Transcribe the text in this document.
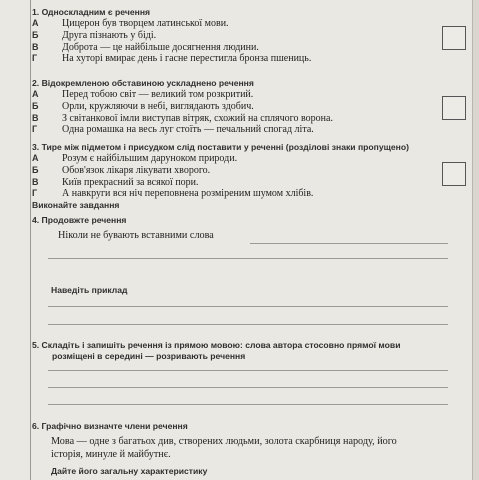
1. Односкладним є речення
А	Цицерон був творцем латинської мови.
Б	Друга пізнають у біді.
В	Доброта — це найбільше досягнення людини.
Г	На хуторі вмирає день і гасне перестигла бронза пшениць.
2. Відокремленою обставиною ускладнено речення
А	Перед тобою світ — великий том розкритий.
Б	Орли, кружляючи в небі, виглядають здобич.
В	З світанкової імли виступав вітряк, схожий на сплячого ворона.
Г	Одна ромашка на весь луг стоїть — печальний спогад літа.
3. Тире між підметом і присудком слід поставити у реченні (розділові знаки пропущено)
А	Розум є найбільшим даруноком природи.
Б	Обов'язок лікаря лікувати хворого.
В	Київ прекрасний за всякої пори.
Г	А навкруги вся ніч переповнена розміреним шумом хлібів.
Виконайте завдання
4. Продовжте речення
Ніколи не бувають вставними слова
Наведіть приклад
5. Складіть і запишіть речення із прямою мовою: слова автора стосовно прямої мови
розміщені в середині — розривають речення
6. Графічно визначте члени речення
Мова — одне з багатьох див, створених людьми, золота скарбниця народу, його
історія, минуле й майбутнє.
Дайте його загальну характеристику
